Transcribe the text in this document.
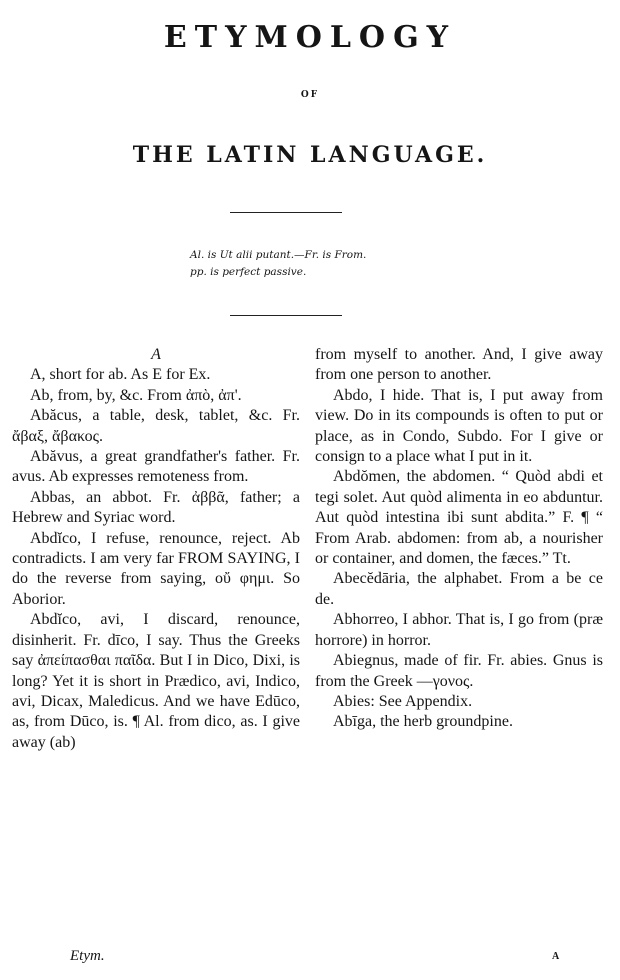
ETYMOLOGY
OF
THE LATIN LANGUAGE.
Al. is Ut alii putant.—Fr. is From.
pp. is perfect passive.

A

A, short for ab. As E for Ex.

Ab, from, by, &c. From ἀπὸ, ἀπ'.

Abăcus, a table, desk, tablet, &c. Fr. ἄβαξ, ἄβακος.

Abăvus, a great grandfather's father. Fr. avus. Ab expresses remoteness from.

Abbas, an abbot. Fr. ἀββᾶ, father; a Hebrew and Syriac word.

Abdĭco, I refuse, renounce, reject. Ab contradicts. I am very far FROM SAYING, I do the reverse from saying, οὔ φημι. So Aborior.

Abdĭco, avi, I discard, renounce, disinherit. Fr. dīco, I say. Thus the Greeks say ἀπείπασθαι παῖδα. But I in Dico, Dixi, is long? Yet it is short in Prædico, avi, Indico, avi, Dicax, Maledicus. And we have Edūco, as, from Dūco, is. ¶ Al. from dico, as. I give away (ab)

from myself to another. And, I give away from one person to another.

Abdo, I hide. That is, I put away from view. Do in its compounds is often to put or place, as in Condo, Subdo. For I give or consign to a place what I put in it.

Abdŏmen, the abdomen. “ Quòd abdi et tegi solet. Aut quòd alimenta in eo abduntur. Aut quòd intestina ibi sunt abdita.” F. ¶ “ From Arab. abdomen: from ab, a nourisher or container, and domen, the fæces.” Tt.

Abecĕdāria, the alphabet. From a be ce de.

Abhorreo, I abhor. That is, I go from (præ horrore) in horror.

Abiegnus, made of fir. Fr. abies. Gnus is from the Greek —γονος.

Abies: See Appendix.

Abīga, the herb groundpine.

Etym.	A
